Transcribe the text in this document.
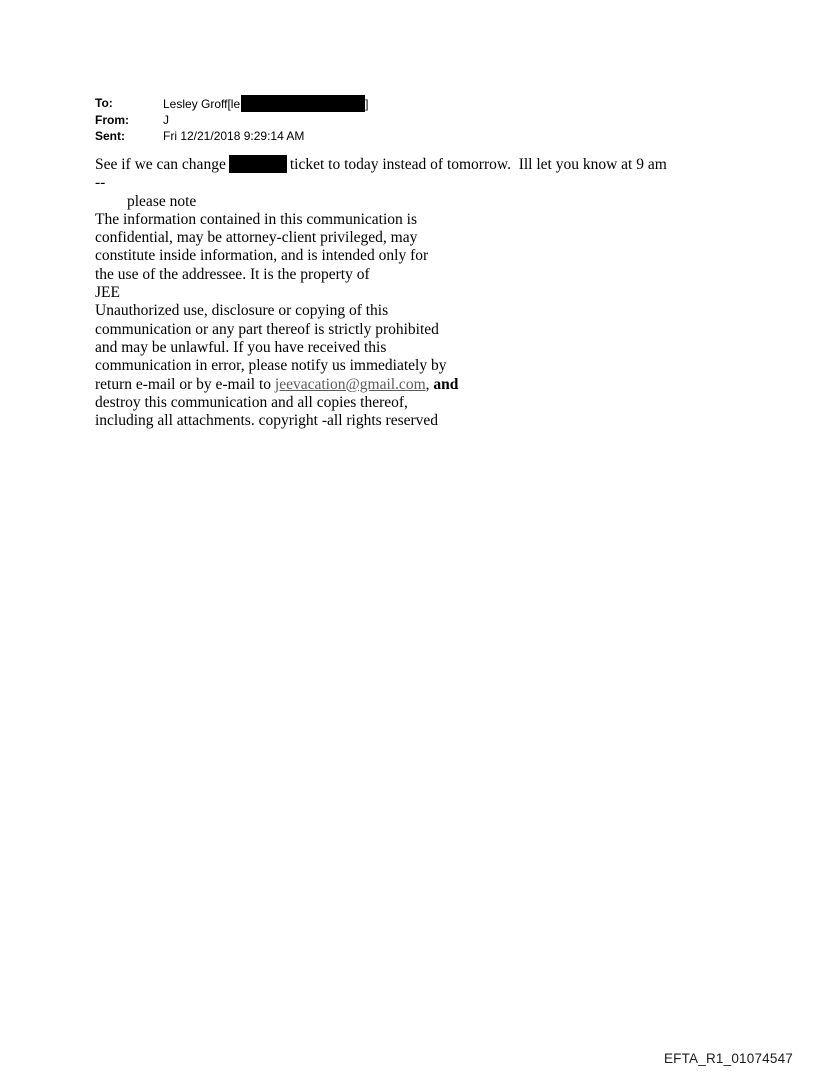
To:	Lesley Groff[le	]
From:	J
Sent:	Fri 12/21/2018 9:29:14 AM
See if we can change	ticket to today instead of tomorrow.  Ill let you know at 9 am
--
please note
The information contained in this communication is
confidential, may be attorney-client privileged, may
constitute inside information, and is intended only for
the use of the addressee. It is the property of
JEE
Unauthorized use, disclosure or copying of this
communication or any part thereof is strictly prohibited
and may be unlawful. If you have received this
communication in error, please notify us immediately by
return e-mail or by e-mail to jeevacation@gmail.com, and
destroy this communication and all copies thereof,
including all attachments. copyright -all rights reserved
EFTA_R1_01074547
